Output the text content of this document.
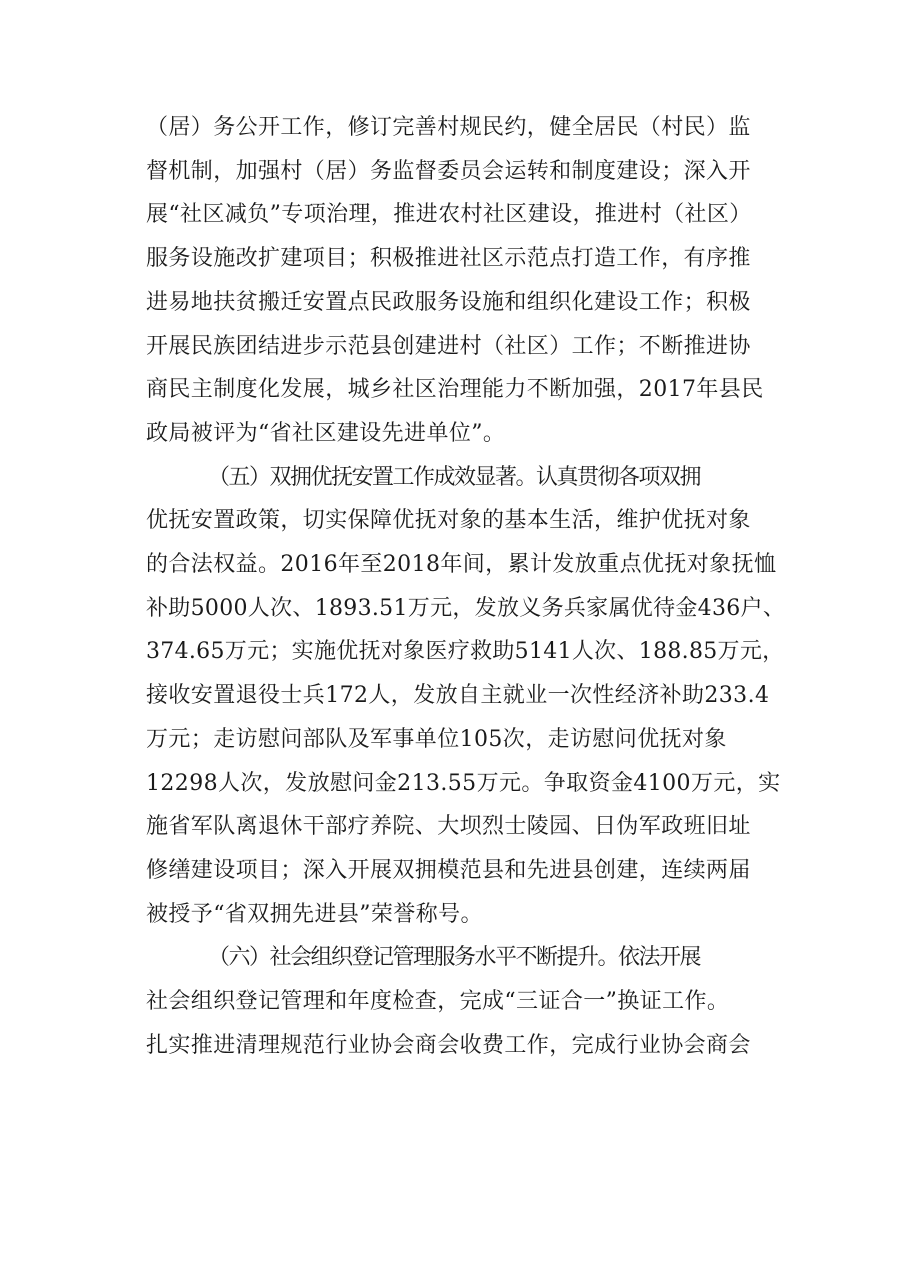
（居）务公开工作，修订完善村规民约，健全居民（村民）监
督机制，加强村（居）务监督委员会运转和制度建设；深入开
展“社区减负”专项治理，推进农村社区建设，推进村（社区）
服务设施改扩建项目；积极推进社区示范点打造工作，有序推
进易地扶贫搬迁安置点民政服务设施和组织化建设工作；积极
开展民族团结进步示范县创建进村（社区）工作；不断推进协
商民主制度化发展，城乡社区治理能力不断加强，2017年县民
政局被评为“省社区建设先进单位”。

（五）双拥优抚安置工作成效显著。认真贯彻各项双拥
优抚安置政策，切实保障优抚对象的基本生活，维护优抚对象
的合法权益。2016年至2018年间，累计发放重点优抚对象抚恤
补助5000人次、1893.51万元，发放义务兵家属优待金436户、
374.65万元；实施优抚对象医疗救助5141人次、188.85万元，
接收安置退役士兵172人，发放自主就业一次性经济补助233.4
万元；走访慰问部队及军事单位105次，走访慰问优抚对象
12298人次，发放慰问金213.55万元。争取资金4100万元，实
施省军队离退休干部疗养院、大坝烈士陵园、日伪军政班旧址
修缮建设项目；深入开展双拥模范县和先进县创建，连续两届
被授予“省双拥先进县”荣誉称号。

（六）社会组织登记管理服务水平不断提升。依法开展
社会组织登记管理和年度检查，完成“三证合一”换证工作。
扎实推进清理规范行业协会商会收费工作，完成行业协会商会
